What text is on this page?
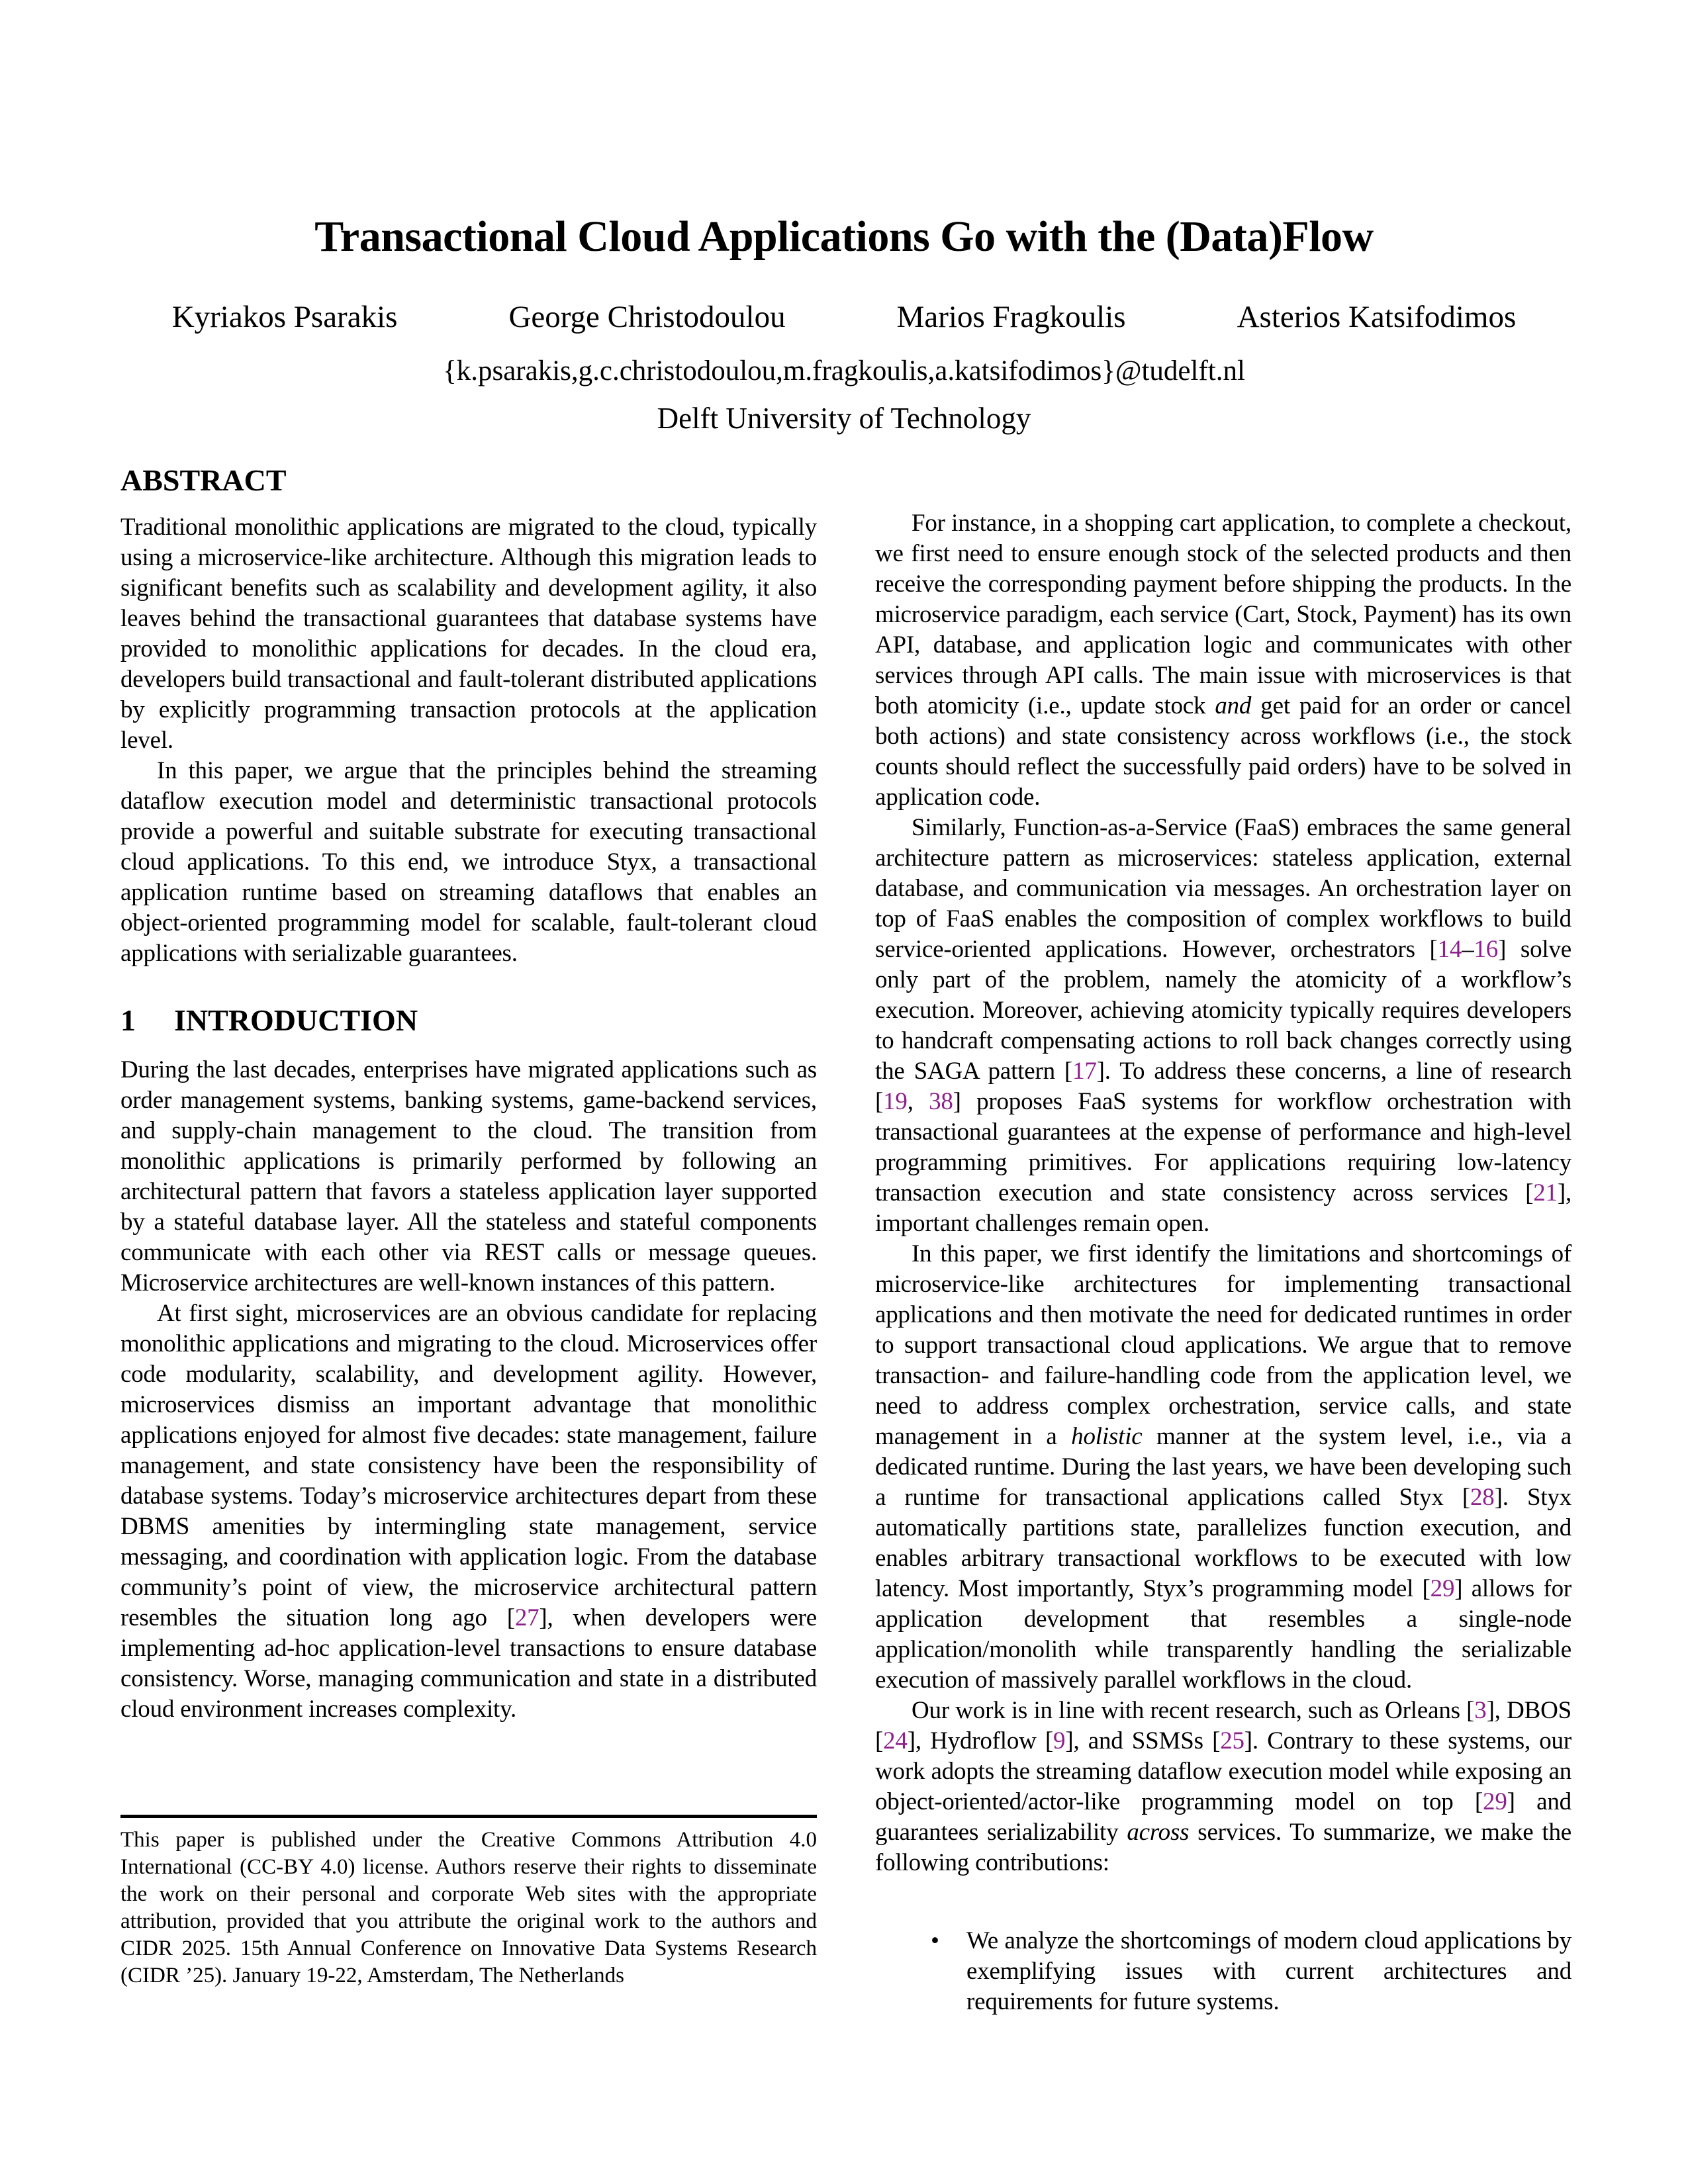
Transactional Cloud Applications Go with the (Data)Flow
Kyriakos Psarakis	George Christodoulou	Marios Fragkoulis	Asterios Katsifodimos
{k.psarakis,g.c.christodoulou,m.fragkoulis,a.katsifodimos}@tudelft.nl
Delft University of Technology
ABSTRACT

Traditional monolithic applications are migrated to the cloud, typically using a microservice-like architecture. Although this migration leads to significant benefits such as scalability and development agility, it also leaves behind the transactional guarantees that database systems have provided to monolithic applications for decades. In the cloud era, developers build transactional and fault-tolerant distributed applications by explicitly programming transaction protocols at the application level.

In this paper, we argue that the principles behind the streaming dataflow execution model and deterministic transactional protocols provide a powerful and suitable substrate for executing transactional cloud applications. To this end, we introduce Styx, a transactional application runtime based on streaming dataflows that enables an object-oriented programming model for scalable, fault-tolerant cloud applications with serializable guarantees.

1 INTRODUCTION

During the last decades, enterprises have migrated applications such as order management systems, banking systems, game-backend services, and supply-chain management to the cloud. The transition from monolithic applications is primarily performed by following an architectural pattern that favors a stateless application layer supported by a stateful database layer. All the stateless and stateful components communicate with each other via REST calls or message queues. Microservice architectures are well-known instances of this pattern.

At first sight, microservices are an obvious candidate for replacing monolithic applications and migrating to the cloud. Microservices offer code modularity, scalability, and development agility. However, microservices dismiss an important advantage that monolithic applications enjoyed for almost five decades: state management, failure management, and state consistency have been the responsibility of database systems. Today’s microservice architectures depart from these DBMS amenities by intermingling state management, service messaging, and coordination with application logic. From the database community’s point of view, the microservice architectural pattern resembles the situation long ago [27], when developers were implementing ad-hoc application-level transactions to ensure database consistency. Worse, managing communication and state in a distributed cloud environment increases complexity.

For instance, in a shopping cart application, to complete a checkout, we first need to ensure enough stock of the selected products and then receive the corresponding payment before shipping the products. In the microservice paradigm, each service (Cart, Stock, Payment) has its own API, database, and application logic and communicates with other services through API calls. The main issue with microservices is that both atomicity (i.e., update stock and get paid for an order or cancel both actions) and state consistency across workflows (i.e., the stock counts should reflect the successfully paid orders) have to be solved in application code.

Similarly, Function-as-a-Service (FaaS) embraces the same general architecture pattern as microservices: stateless application, external database, and communication via messages. An orchestration layer on top of FaaS enables the composition of complex workflows to build service-oriented applications. However, orchestrators [14–16] solve only part of the problem, namely the atomicity of a workflow’s execution. Moreover, achieving atomicity typically requires developers to handcraft compensating actions to roll back changes correctly using the SAGA pattern [17]. To address these concerns, a line of research [19, 38] proposes FaaS systems for workflow orchestration with transactional guarantees at the expense of performance and high-level programming primitives. For applications requiring low-latency transaction execution and state consistency across services [21], important challenges remain open.

In this paper, we first identify the limitations and shortcomings of microservice-like architectures for implementing transactional applications and then motivate the need for dedicated runtimes in order to support transactional cloud applications. We argue that to remove transaction- and failure-handling code from the application level, we need to address complex orchestration, service calls, and state management in a holistic manner at the system level, i.e., via a dedicated runtime. During the last years, we have been developing such a runtime for transactional applications called Styx [28]. Styx automatically partitions state, parallelizes function execution, and enables arbitrary transactional workflows to be executed with low latency. Most importantly, Styx’s programming model [29] allows for application development that resembles a single-node application/monolith while transparently handling the serializable execution of massively parallel workflows in the cloud.

Our work is in line with recent research, such as Orleans [3], DBOS [24], Hydroflow [9], and SSMSs [25]. Contrary to these systems, our work adopts the streaming dataflow execution model while exposing an object-oriented/actor-like programming model on top [29] and guarantees serializability across services. To summarize, we make the following contributions:

• We analyze the shortcomings of modern cloud applications by exemplifying issues with current architectures and requirements for future systems.
This paper is published under the Creative Commons Attribution 4.0 International (CC-BY 4.0) license. Authors reserve their rights to disseminate the work on their personal and corporate Web sites with the appropriate attribution, provided that you attribute the original work to the authors and CIDR 2025. 15th Annual Conference on Innovative Data Systems Research (CIDR ’25). January 19-22, Amsterdam, The Netherlands
